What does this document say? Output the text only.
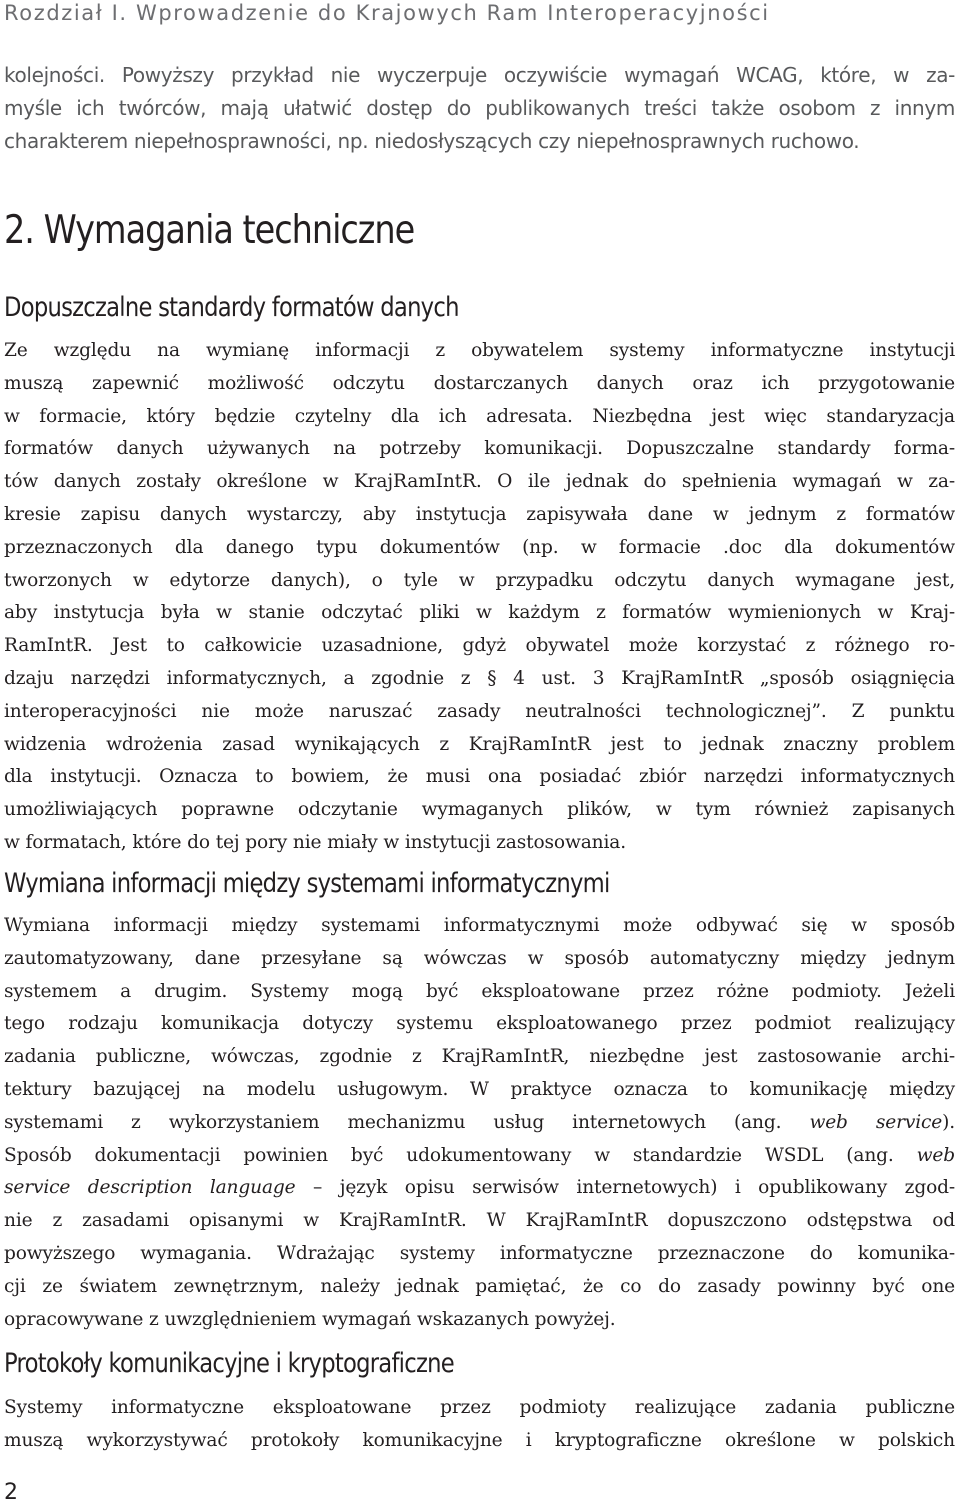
Rozdział I. Wprowadzenie do Krajowych Ram Interoperacyjności

kolejności. Powyższy przykład nie wyczerpuje oczywiście wymagań WCAG, które, w za-
myśle ich twórców, mają ułatwić dostęp do publikowanych treści także osobom z innym
charakterem niepełnosprawności, np. niedosłyszących czy niepełnosprawnych ruchowo.

2. Wymagania techniczne
Dopuszczalne standardy formatów danych

Ze względu na wymianę informacji z obywatelem systemy informatyczne instytucji
muszą zapewnić możliwość odczytu dostarczanych danych oraz ich przygotowanie
w formacie, który będzie czytelny dla ich adresata. Niezbędna jest więc standaryzacja
formatów danych używanych na potrzeby komunikacji. Dopuszczalne standardy forma-
tów danych zostały określone w KrajRamIntR. O ile jednak do spełnienia wymagań w za-
kresie zapisu danych wystarczy, aby instytucja zapisywała dane w jednym z formatów
przeznaczonych dla danego typu dokumentów (np. w formacie .doc dla dokumentów
tworzonych w edytorze danych), o tyle w przypadku odczytu danych wymagane jest,
aby instytucja była w stanie odczytać pliki w każdym z formatów wymienionych w Kraj-
RamIntR. Jest to całkowicie uzasadnione, gdyż obywatel może korzystać z różnego ro-
dzaju narzędzi informatycznych, a zgodnie z § 4 ust. 3 KrajRamIntR „sposób osiągnięcia
interoperacyjności nie może naruszać zasady neutralności technologicznej”. Z punktu
widzenia wdrożenia zasad wynikających z KrajRamIntR jest to jednak znaczny problem
dla instytucji. Oznacza to bowiem, że musi ona posiadać zbiór narzędzi informatycznych
umożliwiających poprawne odczytanie wymaganych plików, w tym również zapisanych
w formatach, które do tej pory nie miały w instytucji zastosowania.

Wymiana informacji między systemami informatycznymi

Wymiana informacji między systemami informatycznymi może odbywać się w sposób
zautomatyzowany, dane przesyłane są wówczas w sposób automatyczny między jednym
systemem a drugim. Systemy mogą być eksploatowane przez różne podmioty. Jeżeli
tego rodzaju komunikacja dotyczy systemu eksploatowanego przez podmiot realizujący
zadania publiczne, wówczas, zgodnie z KrajRamIntR, niezbędne jest zastosowanie archi-
tektury bazującej na modelu usługowym. W praktyce oznacza to komunikację między
systemami z wykorzystaniem mechanizmu usług internetowych (ang. web service).
Sposób dokumentacji powinien być udokumentowany w standardzie WSDL (ang. web
service description language – język opisu serwisów internetowych) i opublikowany zgod-
nie z zasadami opisanymi w KrajRamIntR. W KrajRamIntR dopuszczono odstępstwa od
powyższego wymagania. Wdrażając systemy informatyczne przeznaczone do komunika-
cji ze światem zewnętrznym, należy jednak pamiętać, że co do zasady powinny być one
opracowywane z uwzględnieniem wymagań wskazanych powyżej.

Protokoły komunikacyjne i kryptograficzne

Systemy informatyczne eksploatowane przez podmioty realizujące zadania publiczne
muszą wykorzystywać protokoły komunikacyjne i kryptograficzne określone w polskich

2
